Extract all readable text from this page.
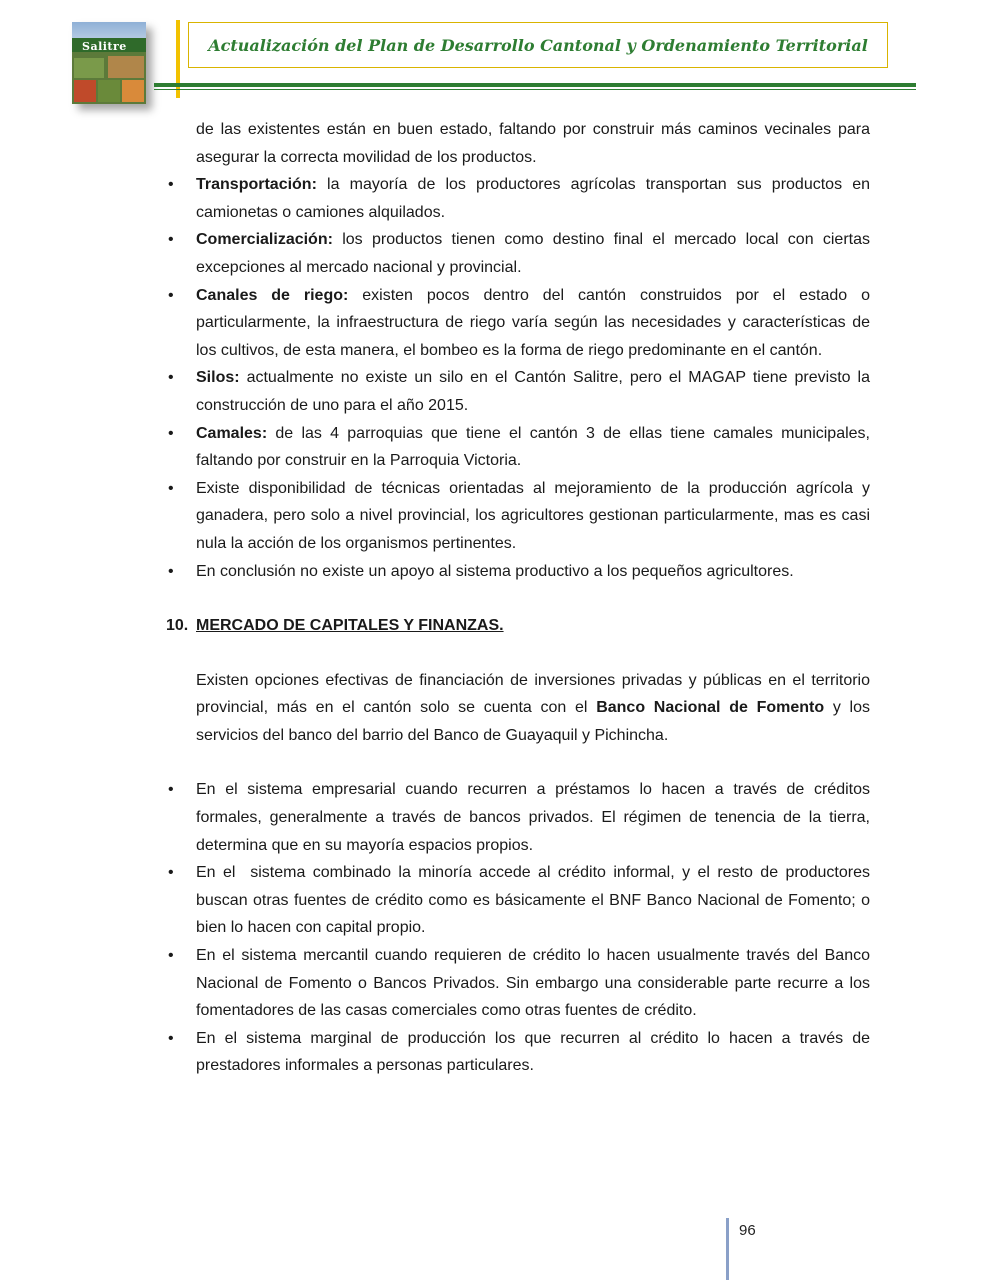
Salitre	Actualización del Plan de Desarrollo Cantonal y Ordenamiento Territorial

de las existentes están en buen estado, faltando por construir más caminos vecinales para asegurar la correcta movilidad de los productos.

• Transportación: la mayoría de los productores agrícolas transportan sus productos en camionetas o camiones alquilados.

• Comercialización: los productos tienen como destino final el mercado local con ciertas excepciones al mercado nacional y provincial.

• Canales de riego: existen pocos dentro del cantón construidos por el estado o particularmente, la infraestructura de riego varía según las necesidades y características de los cultivos, de esta manera, el bombeo es la forma de riego predominante en el cantón.

• Silos: actualmente no existe un silo en el Cantón Salitre, pero el MAGAP tiene previsto la construcción de uno para el año 2015.

• Camales: de las 4 parroquias que tiene el cantón 3 de ellas tiene camales municipales, faltando por construir en la Parroquia Victoria.

• Existe disponibilidad de técnicas orientadas al mejoramiento de la producción agrícola y ganadera, pero solo a nivel provincial, los agricultores gestionan particularmente, mas es casi nula la acción de los organismos pertinentes.

• En conclusión no existe un apoyo al sistema productivo a los pequeños agricultores.

10. MERCADO DE CAPITALES Y FINANZAS.

Existen opciones efectivas de financiación de inversiones privadas y públicas en el territorio provincial, más en el cantón solo se cuenta con el Banco Nacional de Fomento y los servicios del banco del barrio del Banco de Guayaquil y Pichincha.

• En el sistema empresarial cuando recurren a préstamos lo hacen a través de créditos formales, generalmente a través de bancos privados. El régimen de tenencia de la tierra, determina que en su mayoría espacios propios.

• En el  sistema combinado la minoría accede al crédito informal, y el resto de productores buscan otras fuentes de crédito como es básicamente el BNF Banco Nacional de Fomento; o bien lo hacen con capital propio.

• En el sistema mercantil cuando requieren de crédito lo hacen usualmente través del Banco Nacional de Fomento o Bancos Privados. Sin embargo una considerable parte recurre a los fomentadores de las casas comerciales como otras fuentes de crédito.

• En el sistema marginal de producción los que recurren al crédito lo hacen a través de prestadores informales a personas particulares.

96
